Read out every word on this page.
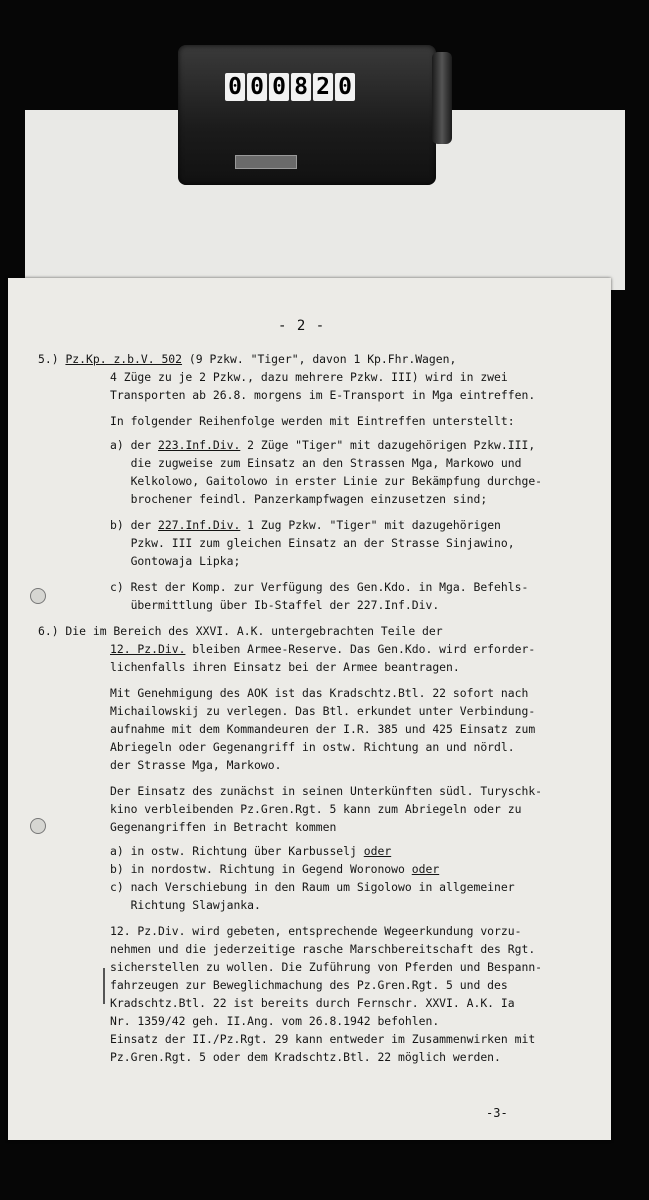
0 0 0 8 2 0
- 2 -
5.) Pz.Kp. z.b.V. 502 (9 Pzkw. "Tiger", davon 1 Kp.Fhr.Wagen,
4 Züge zu je 2 Pzkw., dazu mehrere Pzkw. III) wird in zwei
Transporten ab 26.8. morgens im E-Transport in Mga eintreffen.
In folgender Reihenfolge werden mit Eintreffen unterstellt:
a) der 223.Inf.Div. 2 Züge "Tiger" mit dazugehörigen Pzkw.III,
die zugweise zum Einsatz an den Strassen Mga, Markowo und
Kelkolowo, Gaitolowo in erster Linie zur Bekämpfung durchge-
brochener feindl. Panzerkampfwagen einzusetzen sind;
b) der 227.Inf.Div. 1 Zug Pzkw. "Tiger" mit dazugehörigen
Pzkw. III zum gleichen Einsatz an der Strasse Sinjawino,
Gontowaja Lipka;
c) Rest der Komp. zur Verfügung des Gen.Kdo. in Mga. Befehls-
übermittlung über Ib-Staffel der 227.Inf.Div.
6.) Die im Bereich des XXVI. A.K. untergebrachten Teile der
12. Pz.Div. bleiben Armee-Reserve. Das Gen.Kdo. wird erforder-
lichenfalls ihren Einsatz bei der Armee beantragen.
Mit Genehmigung des AOK ist das Kradschtz.Btl. 22 sofort nach
Michailowskij zu verlegen. Das Btl. erkundet unter Verbindung-
aufnahme mit dem Kommandeuren der I.R. 385 und 425 Einsatz zum
Abriegeln oder Gegenangriff in ostw. Richtung an und nördl.
der Strasse Mga, Markowo.
Der Einsatz des zunächst in seinen Unterkünften südl. Turyschk-
kino verbleibenden Pz.Gren.Rgt. 5 kann zum Abriegeln oder zu
Gegenangriffen in Betracht kommen
a) in ostw. Richtung über Karbusselj oder
b) in nordostw. Richtung in Gegend Woronowo oder
c) nach Verschiebung in den Raum um Sigolowo in allgemeiner
Richtung Slawjanka.
12. Pz.Div. wird gebeten, entsprechende Wegeerkundung vorzu-
nehmen und die jederzeitige rasche Marschbereitschaft des Rgt.
sicherstellen zu wollen. Die Zuführung von Pferden und Bespann-
fahrzeugen zur Beweglichmachung des Pz.Gren.Rgt. 5 und des
Kradschtz.Btl. 22 ist bereits durch Fernschr. XXVI. A.K. Ia
Nr. 1359/42 geh. II.Ang. vom 26.8.1942 befohlen.
Einsatz der II./Pz.Rgt. 29 kann entweder im Zusammenwirken mit
Pz.Gren.Rgt. 5 oder dem Kradschtz.Btl. 22 möglich werden.
-3-
